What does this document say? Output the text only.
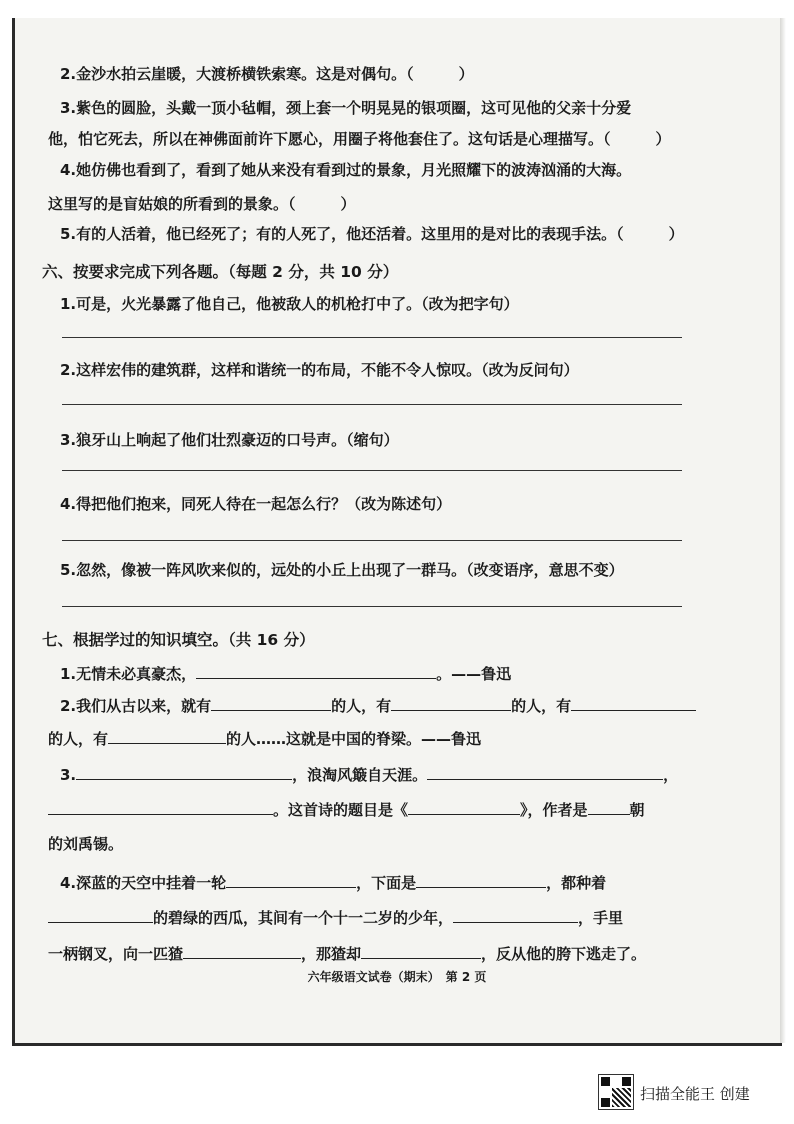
2.金沙水拍云崖暖，大渡桥横铁索寒。这是对偶句。（　　　）
3.紫色的圆脸，头戴一顶小毡帽，颈上套一个明晃晃的银项圈，这可见他的父亲十分爱
他，怕它死去，所以在神佛面前许下愿心，用圈子将他套住了。这句话是心理描写。（　　　）
4.她仿佛也看到了，看到了她从来没有看到过的景象，月光照耀下的波涛汹涌的大海。
这里写的是盲姑娘的所看到的景象。（　　　）
5.有的人活着，他已经死了；有的人死了，他还活着。这里用的是对比的表现手法。（　　　）
六、按要求完成下列各题。（每题 2 分，共 10 分）
1.可是，火光暴露了他自己，他被敌人的机枪打中了。（改为把字句）
2.这样宏伟的建筑群，这样和谐统一的布局，不能不令人惊叹。（改为反问句）
3.狼牙山上响起了他们壮烈豪迈的口号声。（缩句）
4.得把他们抱来，同死人待在一起怎么行？（改为陈述句）
5.忽然，像被一阵风吹来似的，远处的小丘上出现了一群马。（改变语序，意思不变）
七、根据学过的知识填空。（共 16 分）
1.无情未必真豪杰，	。——鲁迅
2.我们从古以来，就有	的人，有	的人，有
的人，有	的人……这就是中国的脊梁。——鲁迅
3.	，浪淘风簸自天涯。	，
。这首诗的题目是《	》，作者是	朝
的刘禹锡。
4.深蓝的天空中挂着一轮	，下面是	，都种着
的碧绿的西瓜，其间有一个十一二岁的少年，	，手里
一柄钢叉，向一匹猹	，那猹却	，反从他的胯下逃走了。
六年级语文试卷（期末）　第 2 页
扫描全能王 创建
